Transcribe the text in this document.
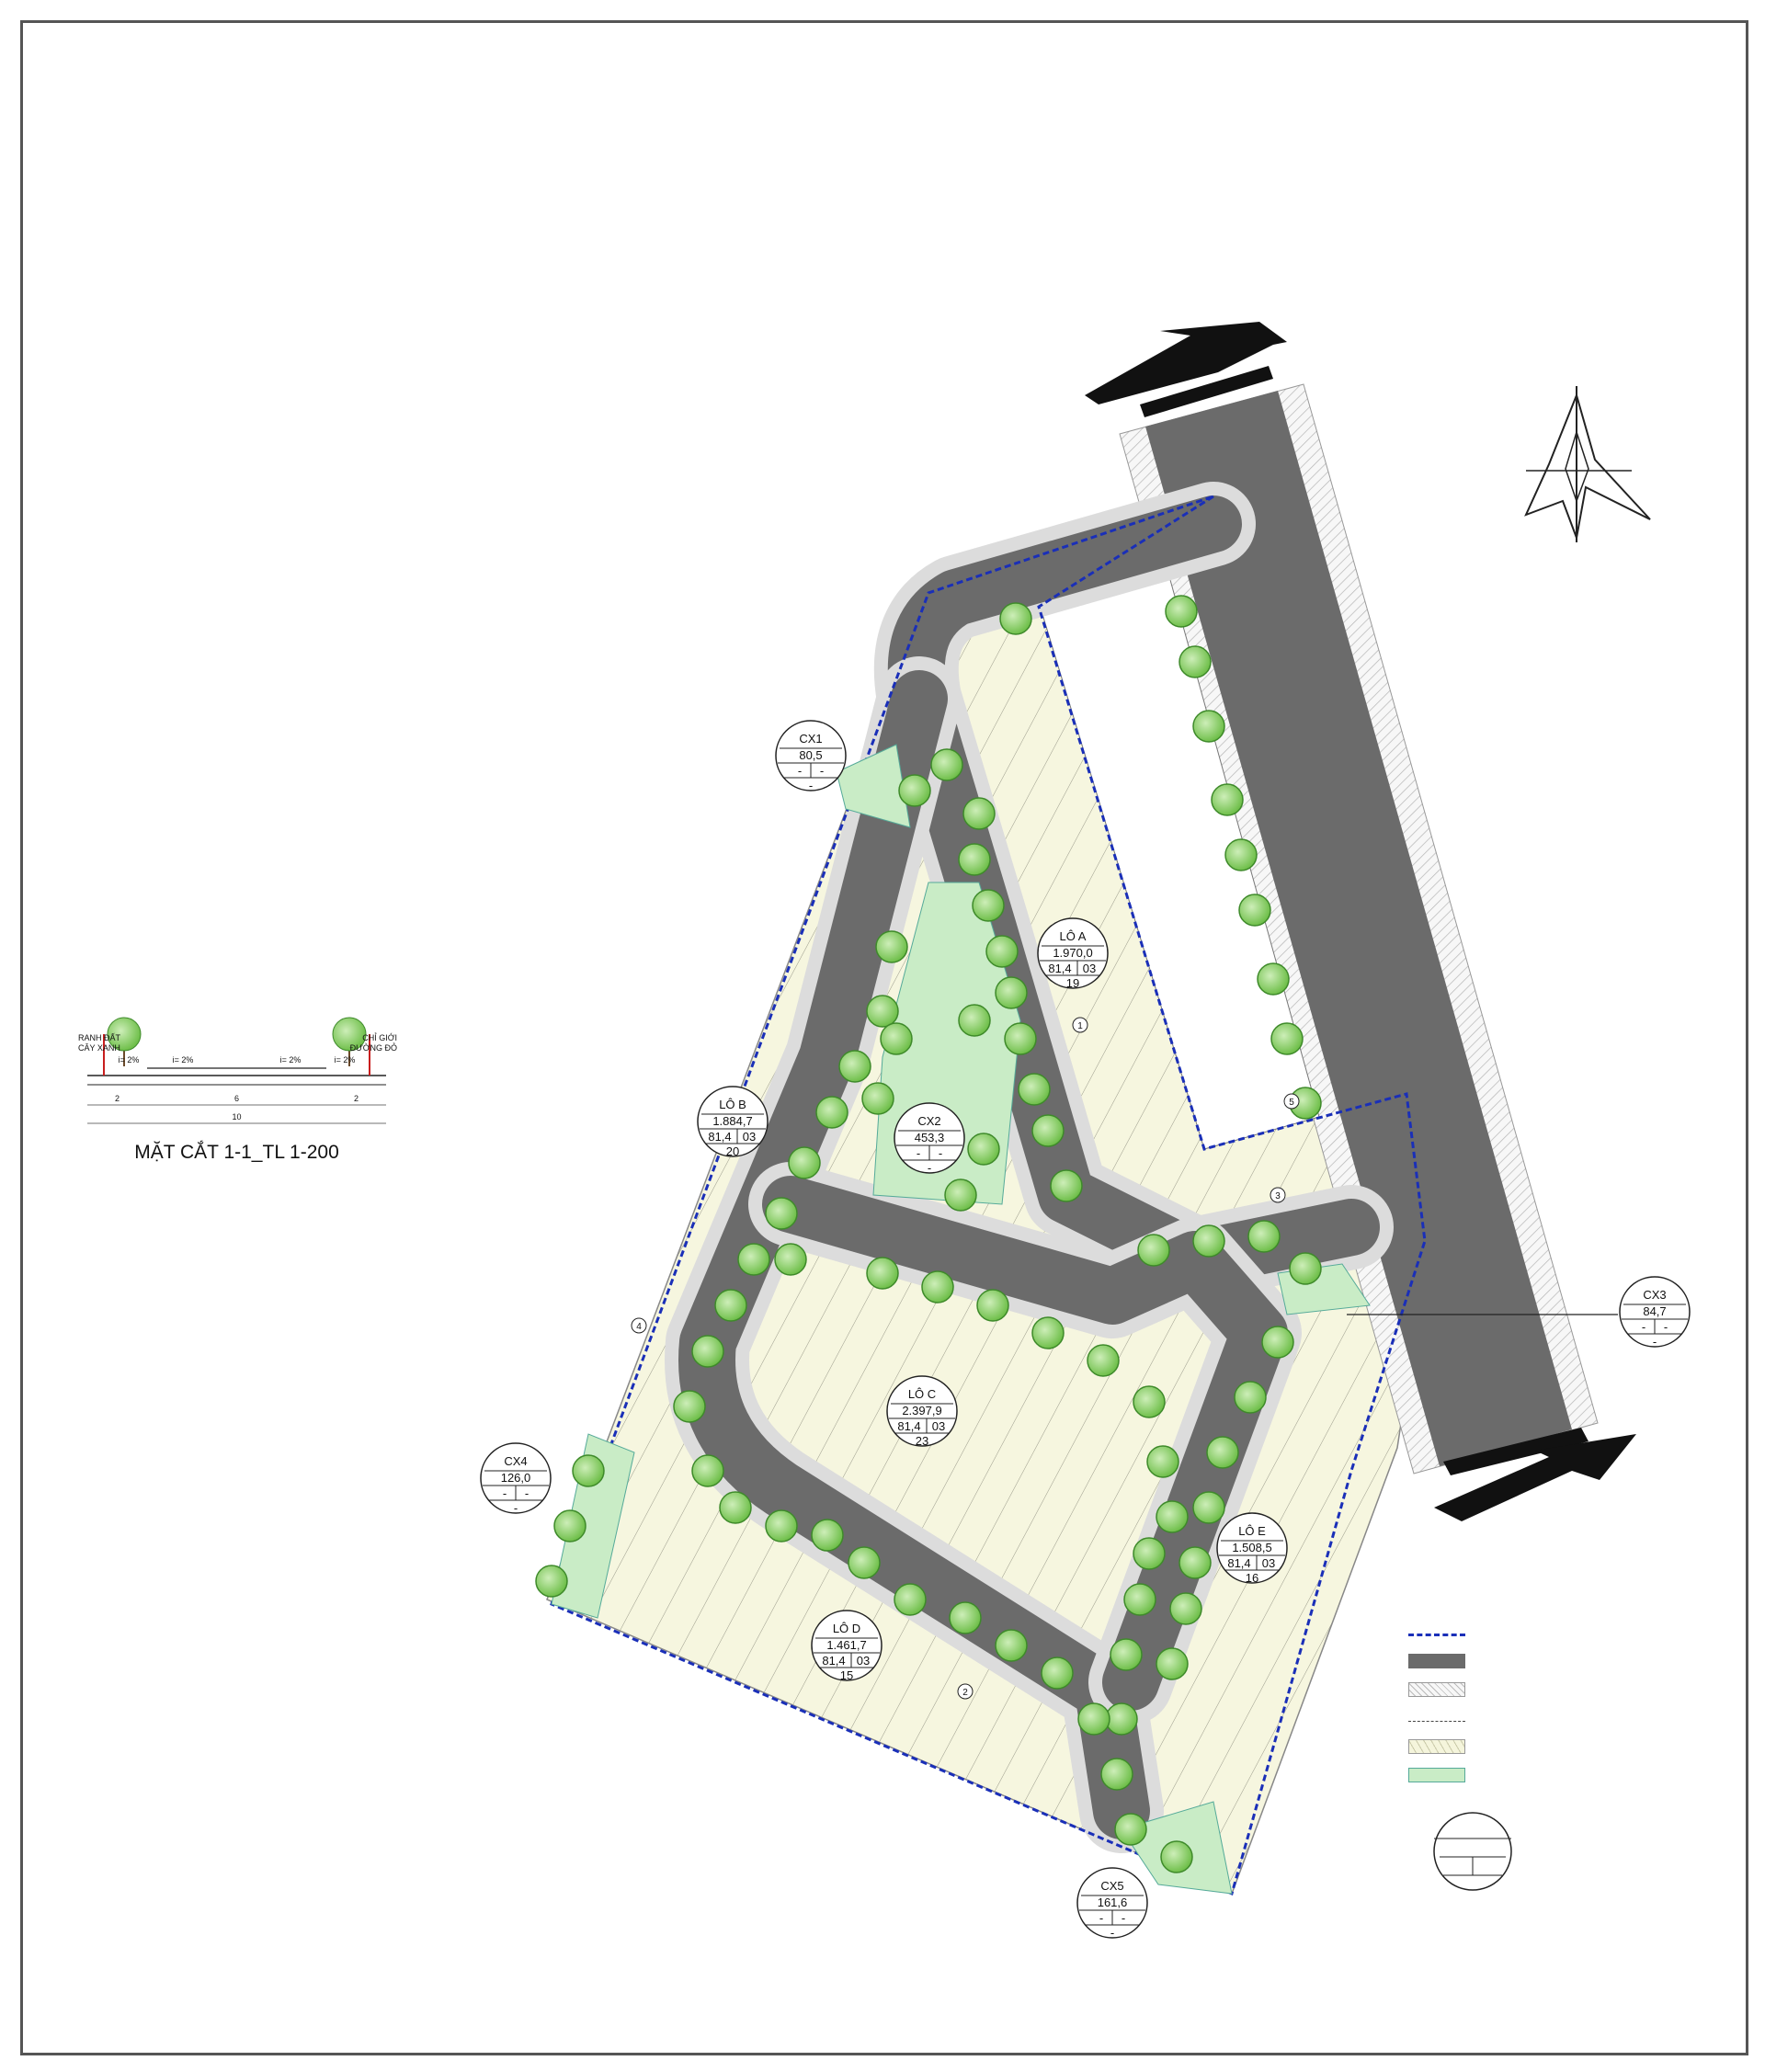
LÔ A
1.970,0
81,4 03
19
LÔ B
1.884,7
81,4 03
20
LÔ C
2.397,9
81,4 03
23
LÔ D
1.461,7
81,4 03
15
LÔ E
1.508,5
81,4 03
16
CX1
80,5
- -
-
CX2
453,3
- -
-
CX3
84,7
- -
-
CX4
126,0
- -
-
CX5
161,6
- -
-
1
2
3
4
5
RANH ĐẤT
CÂY XANH
CHỈ GIỚI
ĐƯỜNG ĐỎ
i= 2%	i= 2%
i= 2%	i= 2%
2	6	2
10
MẶT CẮT 1-1_TL 1-200
